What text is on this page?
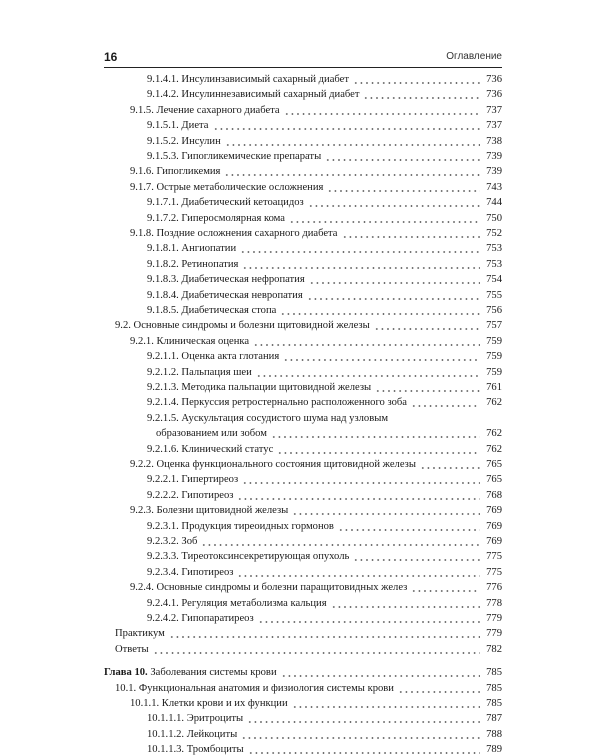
16	Оглавление
9.1.4.1. Инсулинзависимый сахарный диабет	736
9.1.4.2. Инсулиннезависимый сахарный диабет	736
9.1.5. Лечение сахарного диабета	737
9.1.5.1. Диета	737
9.1.5.2. Инсулин	738
9.1.5.3. Гипогликемические препараты	739
9.1.6. Гипогликемия	739
9.1.7. Острые метаболические осложнения	743
9.1.7.1. Диабетический кетоацидоз	744
9.1.7.2. Гиперосмолярная кома	750
9.1.8. Поздние осложнения сахарного диабета	752
9.1.8.1. Ангиопатии	753
9.1.8.2. Ретинопатия	753
9.1.8.3. Диабетическая нефропатия	754
9.1.8.4. Диабетическая невропатия	755
9.1.8.5. Диабетическая стопа	756
9.2. Основные синдромы и болезни щитовидной железы	757
9.2.1. Клиническая оценка	759
9.2.1.1. Оценка акта глотания	759
9.2.1.2. Пальпация шеи	759
9.2.1.3. Методика пальпации щитовидной железы	761
9.2.1.4. Перкуссия ретростернально расположенного зоба	762
9.2.1.5. Аускультация сосудистого шума над узловым
образованием или зобом	762
9.2.1.6. Клинический статус	762
9.2.2. Оценка функционального состояния щитовидной железы	765
9.2.2.1. Гипертиреоз	765
9.2.2.2. Гипотиреоз	768
9.2.3. Болезни щитовидной железы	769
9.2.3.1. Продукция тиреоидных гормонов	769
9.2.3.2. Зоб	769
9.2.3.3. Тиреотоксинсекретирующая опухоль	775
9.2.3.4. Гипотиреоз	775
9.2.4. Основные синдромы и болезни паращитовидных желез	776
9.2.4.1. Регуляция метаболизма кальция	778
9.2.4.2. Гипопаратиреоз	779
Практикум	779
Ответы	782
Глава 10. Заболевания системы крови	785
10.1. Функциональная анатомия и физиология системы крови	785
10.1.1. Клетки крови и их функции	785
10.1.1.1. Эритроциты	787
10.1.1.2. Лейкоциты	788
10.1.1.3. Тромбоциты	789
